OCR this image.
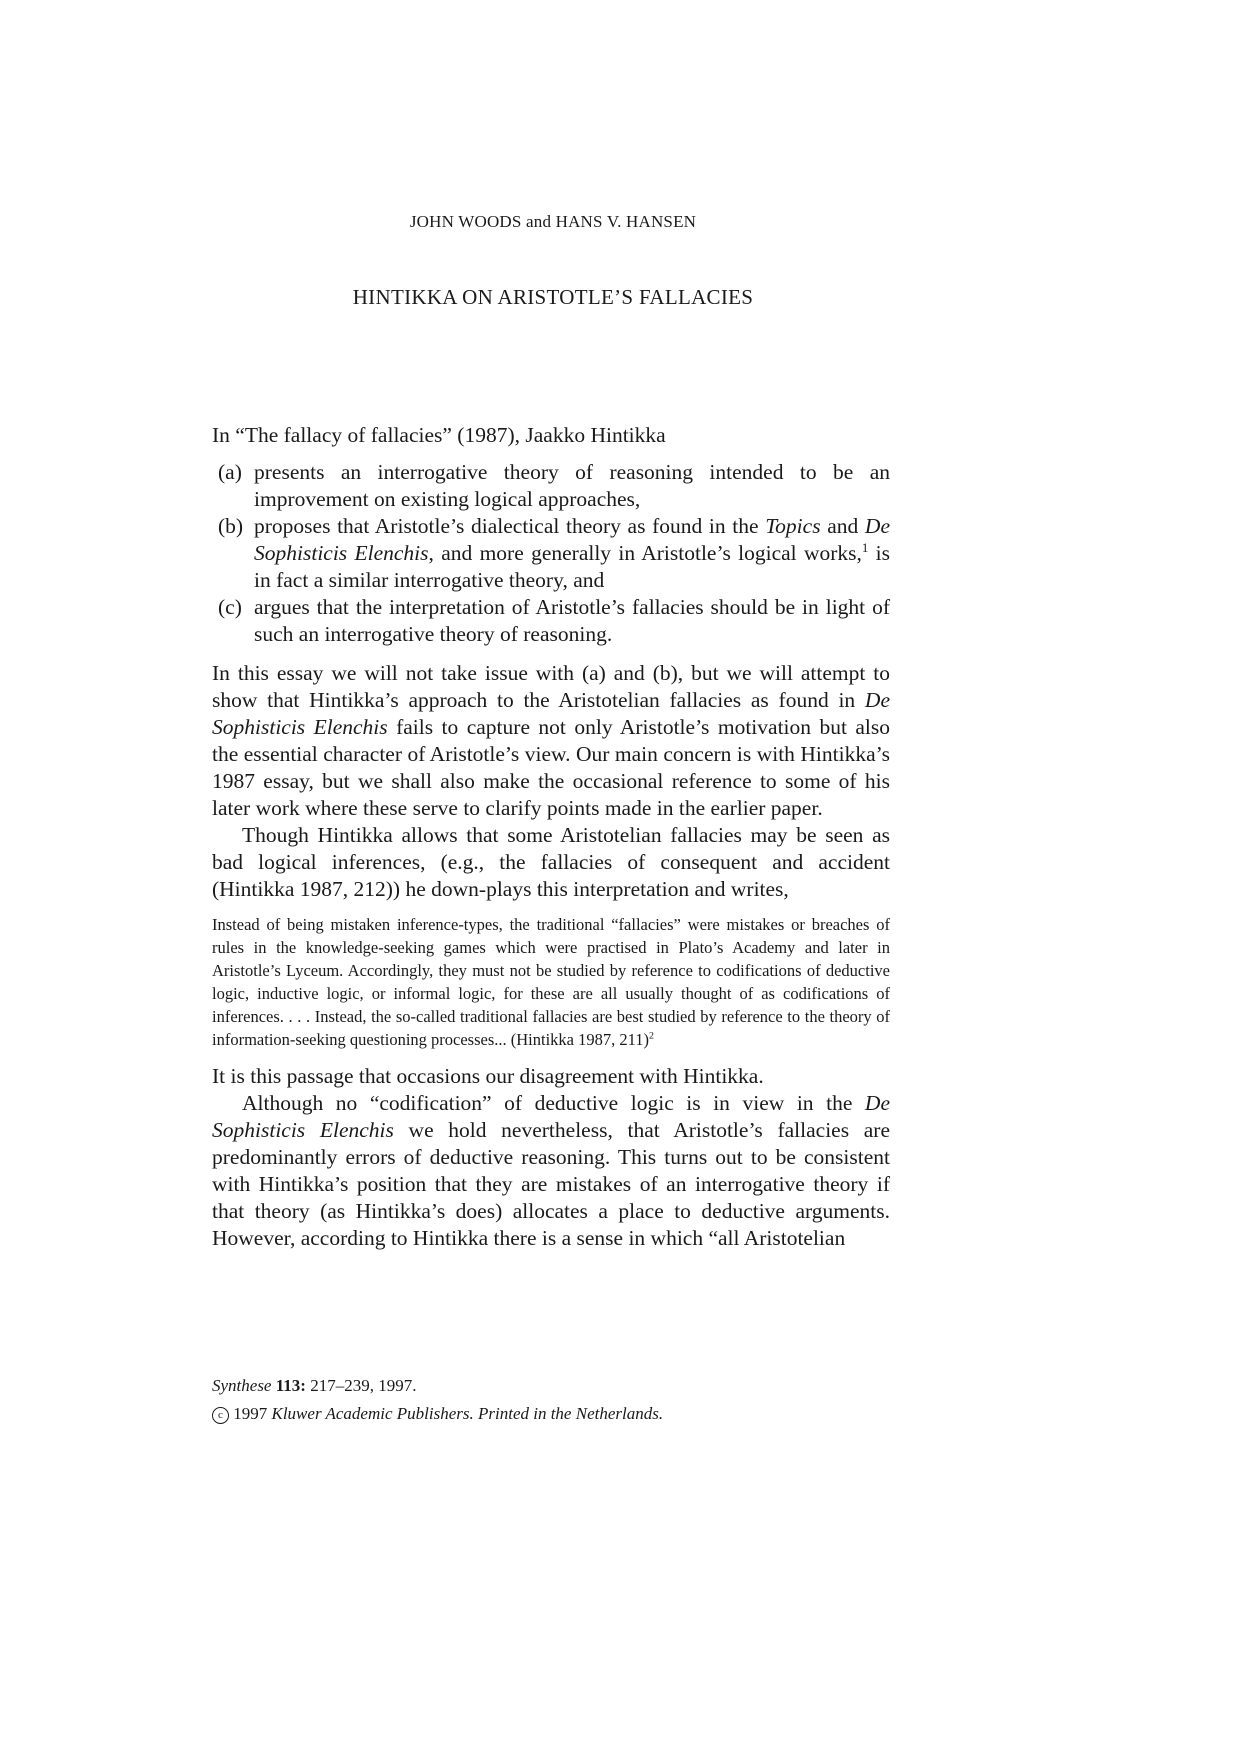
JOHN WOODS and HANS V. HANSEN
HINTIKKA ON ARISTOTLE’S FALLACIES

In “The fallacy of fallacies” (1987), Jaakko Hintikka

(a) presents an interrogative theory of reasoning intended to be an improvement on existing logical approaches,
(b) proposes that Aristotle’s dialectical theory as found in the Topics and De Sophisticis Elenchis, and more generally in Aristotle’s logical works,$^1$ is in fact a similar interrogative theory, and
(c) argues that the interpretation of Aristotle’s fallacies should be in light of such an interrogative theory of reasoning.

In this essay we will not take issue with (a) and (b), but we will attempt to show that Hintikka’s approach to the Aristotelian fallacies as found in De Sophisticis Elenchis fails to capture not only Aristotle’s motivation but also the essential character of Aristotle’s view. Our main concern is with Hintikka’s 1987 essay, but we shall also make the occasional reference to some of his later work where these serve to clarify points made in the earlier paper.

Though Hintikka allows that some Aristotelian fallacies may be seen as bad logical inferences, (e.g., the fallacies of consequent and accident (Hintikka 1987, 212)) he down-plays this interpretation and writes,

Instead of being mistaken inference-types, the traditional “fallacies” were mistakes or breaches of rules in the knowledge-seeking games which were practised in Plato’s Academy and later in Aristotle’s Lyceum. Accordingly, they must not be studied by reference to codifications of deductive logic, inductive logic, or informal logic, for these are all usually thought of as codifications of inferences. . . . Instead, the so-called traditional fallacies are best studied by reference to the theory of information-seeking questioning processes... (Hintikka 1987, 211)$^2$

It is this passage that occasions our disagreement with Hintikka.

Although no “codification” of deductive logic is in view in the De Sophisticis Elenchis we hold nevertheless, that Aristotle’s fallacies are predominantly errors of deductive reasoning. This turns out to be consistent with Hintikka’s position that they are mistakes of an interrogative theory if that theory (as Hintikka’s does) allocates a place to deductive arguments. However, according to Hintikka there is a sense in which “all Aristotelian

Synthese 113: 217–239, 1997.
c 1997 Kluwer Academic Publishers. Printed in the Netherlands.
